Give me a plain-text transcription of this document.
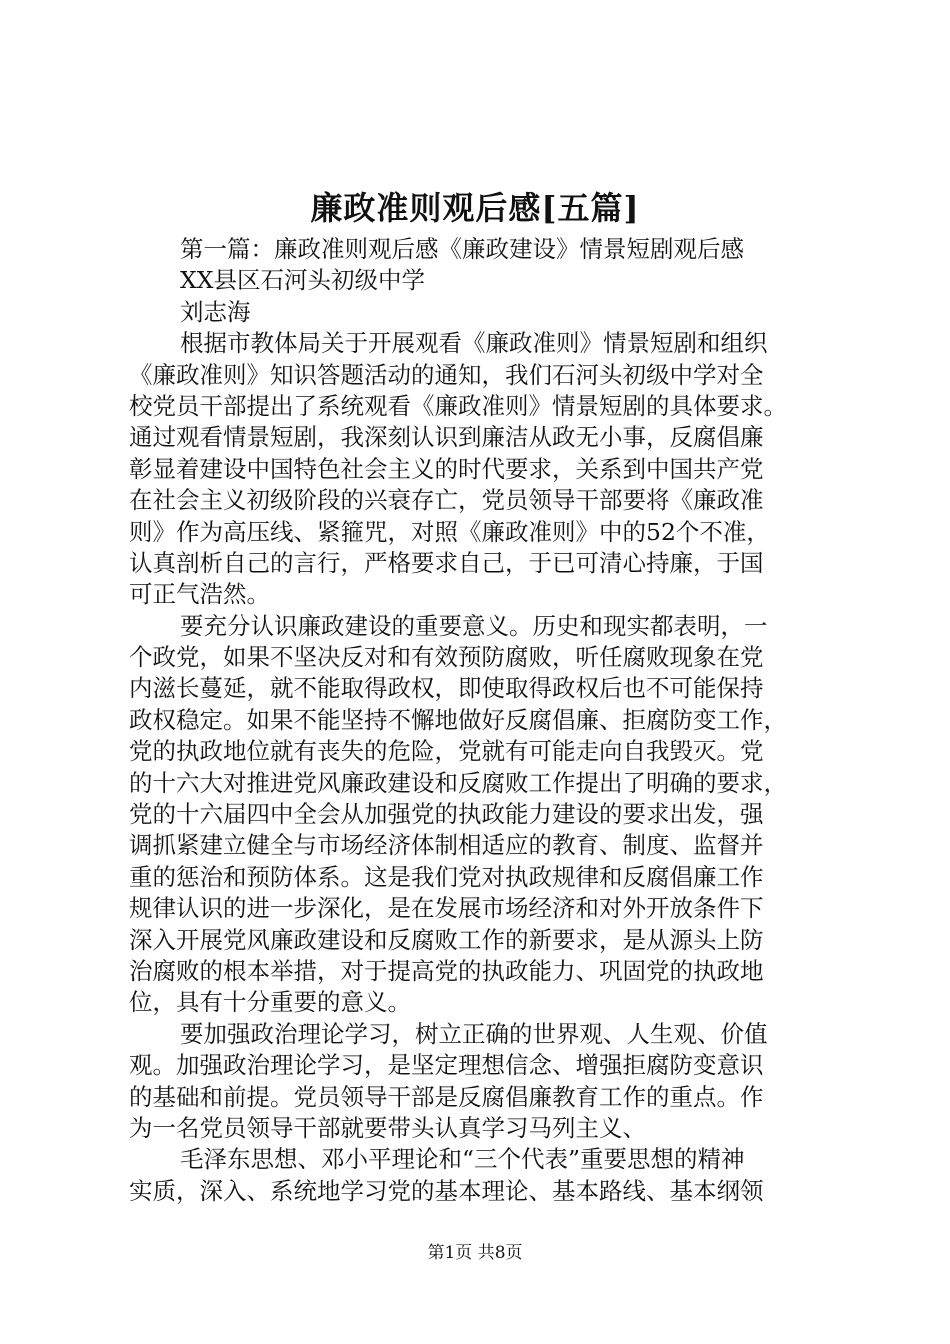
廉政准则观后感[五篇]
第一篇：廉政准则观后感《廉政建设》情景短剧观后感
XX县区石河头初级中学
刘志海
根据市教体局关于开展观看《廉政准则》情景短剧和组织
《廉政准则》知识答题活动的通知，我们石河头初级中学对全
校党员干部提出了系统观看《廉政准则》情景短剧的具体要求。
通过观看情景短剧，我深刻认识到廉洁从政无小事，反腐倡廉
彰显着建设中国特色社会主义的时代要求，关系到中国共产党
在社会主义初级阶段的兴衰存亡，党员领导干部要将《廉政准
则》作为高压线、紧箍咒，对照《廉政准则》中的52个不准，
认真剖析自己的言行，严格要求自己，于已可清心持廉，于国
可正气浩然。
要充分认识廉政建设的重要意义。历史和现实都表明，一
个政党，如果不坚决反对和有效预防腐败，听任腐败现象在党
内滋长蔓延，就不能取得政权，即使取得政权后也不可能保持
政权稳定。如果不能坚持不懈地做好反腐倡廉、拒腐防变工作，
党的执政地位就有丧失的危险，党就有可能走向自我毁灭。党
的十六大对推进党风廉政建设和反腐败工作提出了明确的要求，
党的十六届四中全会从加强党的执政能力建设的要求出发，强
调抓紧建立健全与市场经济体制相适应的教育、制度、监督并
重的惩治和预防体系。这是我们党对执政规律和反腐倡廉工作
规律认识的进一步深化，是在发展市场经济和对外开放条件下
深入开展党风廉政建设和反腐败工作的新要求，是从源头上防
治腐败的根本举措，对于提高党的执政能力、巩固党的执政地
位，具有十分重要的意义。
要加强政治理论学习，树立正确的世界观、人生观、价值
观。加强政治理论学习，是坚定理想信念、增强拒腐防变意识
的基础和前提。党员领导干部是反腐倡廉教育工作的重点。作
为一名党员领导干部就要带头认真学习马列主义、
毛泽东思想、邓小平理论和“三个代表”重要思想的精神
实质，深入、系统地学习党的基本理论、基本路线、基本纲领
第1页 共8页
